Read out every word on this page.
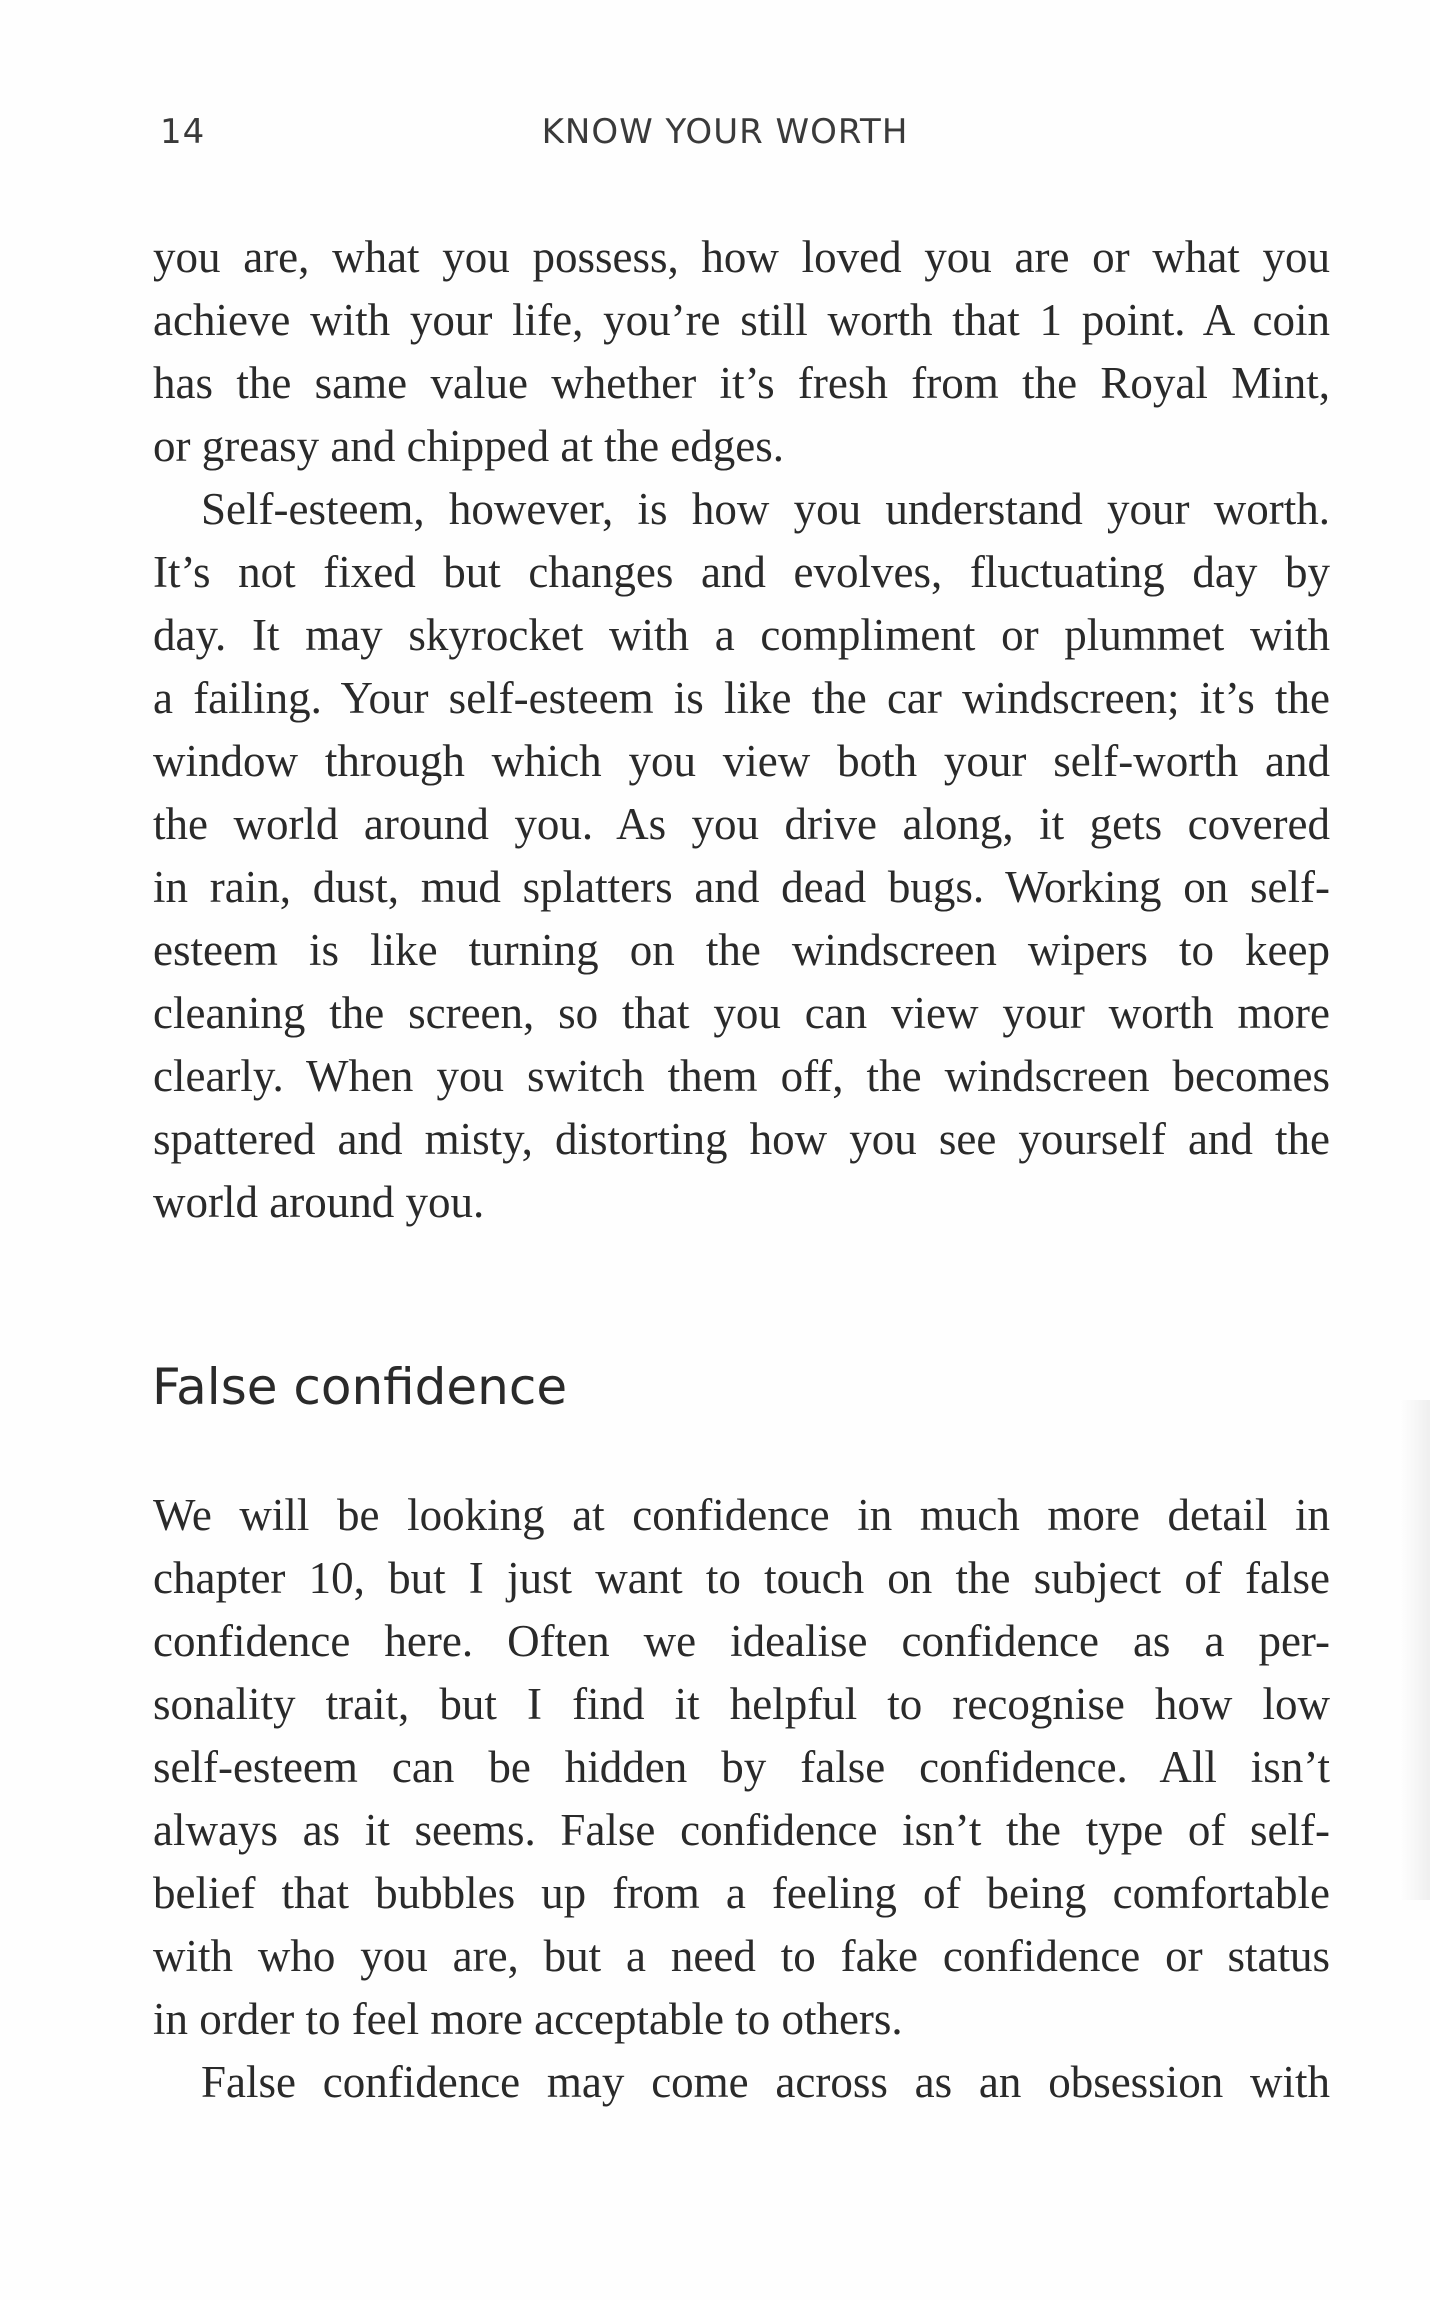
14	KNOW YOUR WORTH

you are, what you possess, how loved you are or what you

achieve with your life, you’re still worth that 1 point. A coin

has the same value whether it’s fresh from the Royal Mint,

or greasy and chipped at the edges.

Self-esteem, however, is how you understand your worth.

It’s not fixed but changes and evolves, fluctuating day by

day. It may skyrocket with a compliment or plummet with

a failing. Your self-esteem is like the car windscreen; it’s the

window through which you view both your self-worth and

the world around you. As you drive along, it gets covered

in rain, dust, mud splatters and dead bugs. Working on self-

esteem is like turning on the windscreen wipers to keep

cleaning the screen, so that you can view your worth more

clearly. When you switch them off, the windscreen becomes

spattered and misty, distorting how you see yourself and the

world around you.

False confidence

We will be looking at confidence in much more detail in

chapter 10, but I just want to touch on the subject of false

confidence here. Often we idealise confidence as a per-

sonality trait, but I find it helpful to recognise how low

self-esteem can be hidden by false confidence. All isn’t

always as it seems. False confidence isn’t the type of self-

belief that bubbles up from a feeling of being comfortable

with who you are, but a need to fake confidence or status

in order to feel more acceptable to others.

False confidence may come across as an obsession with
